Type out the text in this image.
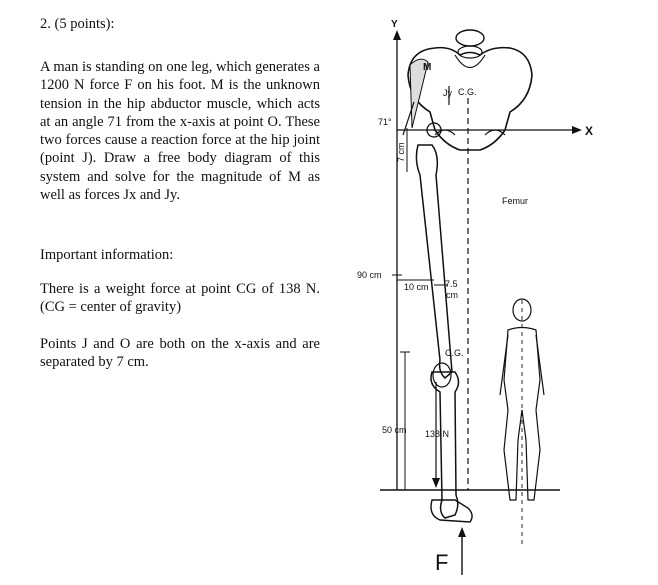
2. (5 points):

A man is standing on one leg, which generates a 1200 N force F on his foot. M is the unknown tension in the hip abductor muscle, which acts at an angle 71 from the x-axis at point O. These two forces cause a reaction force at the hip joint (point J). Draw a free body diagram of this system and solve for the magnitude of M as well as forces Jx and Jy.

Important information:

There is a weight force at point CG of 138 N. (CG = center of gravity)

Points J and O are both on the x-axis and are separated by 7 cm.

Y
X
M
71°
Jy C.G.
7 cm
Femur
90 cm
10 cm 7.5
cm
C.G.
50 cm 138 N
F
